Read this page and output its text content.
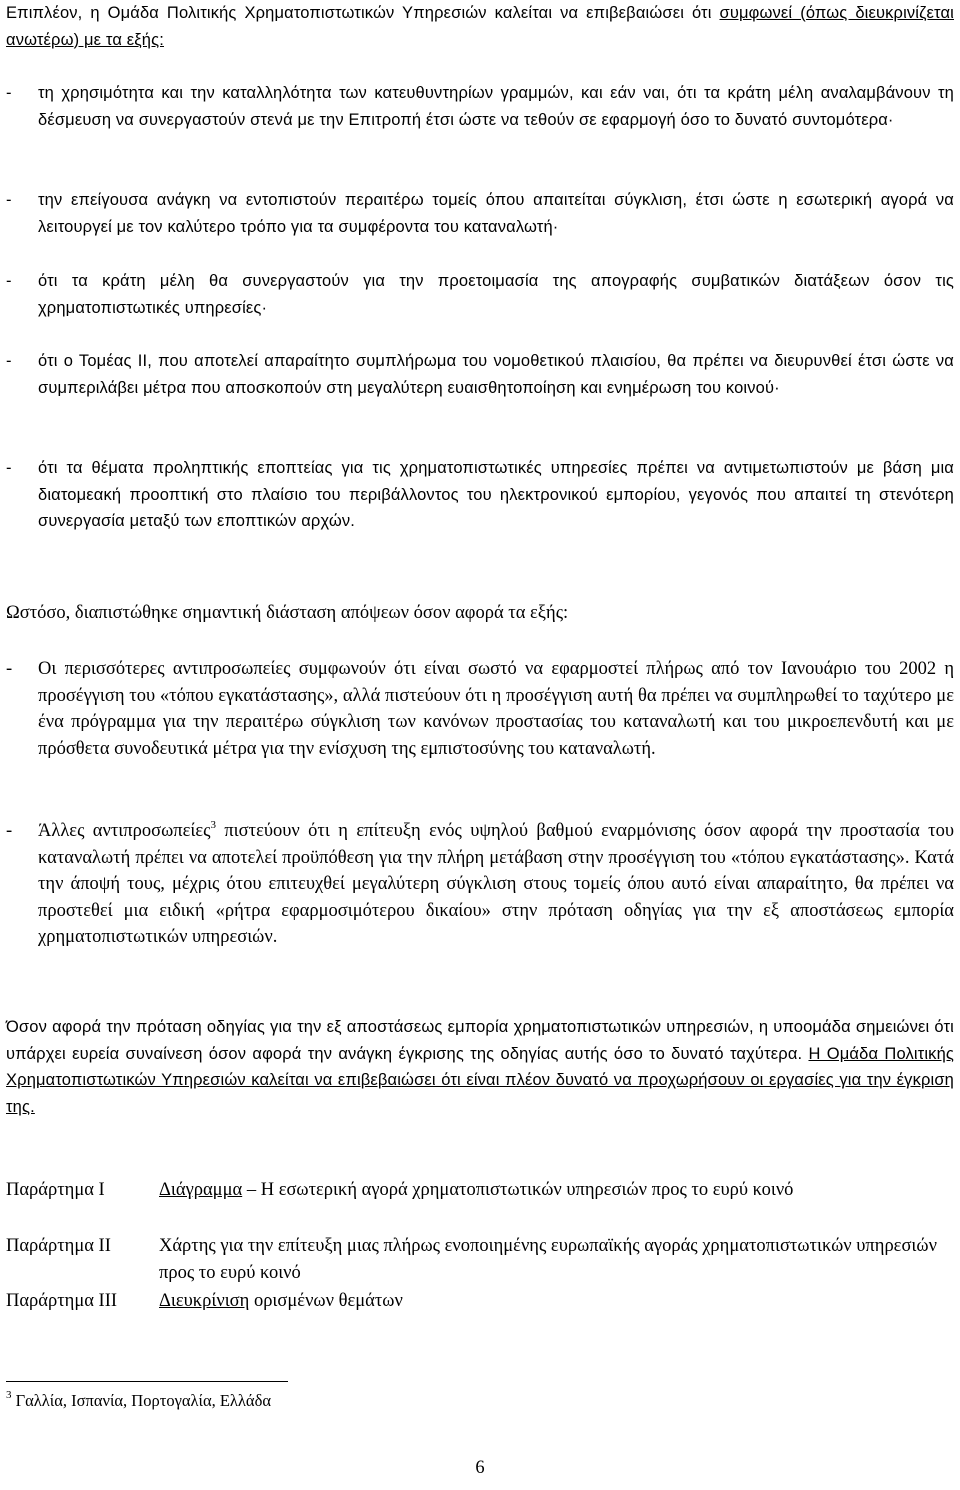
Επιπλέον, η Ομάδα Πολιτικής Χρηματοπιστωτικών Υπηρεσιών καλείται να επιβεβαιώσει ότι συμφωνεί (όπως διευκρινίζεται ανωτέρω) με τα εξής:

-	τη χρησιμότητα και την καταλληλότητα των κατευθυντηρίων γραμμών, και εάν ναι, ότι τα κράτη μέλη αναλαμβάνουν τη δέσμευση να συνεργαστούν στενά με την Επιτροπή έτσι ώστε να τεθούν σε εφαρμογή όσο το δυνατό συντομότερα·

-	την επείγουσα ανάγκη να εντοπιστούν περαιτέρω τομείς όπου απαιτείται σύγκλιση, έτσι ώστε η εσωτερική αγορά να λειτουργεί με τον καλύτερο τρόπο για τα συμφέροντα του καταναλωτή·

-	ότι τα κράτη μέλη θα συνεργαστούν για την προετοιμασία της απογραφής συμβατικών διατάξεων όσον τις χρηματοπιστωτικές υπηρεσίες·

-	ότι ο Τομέας ΙΙ, που αποτελεί απαραίτητο συμπλήρωμα του νομοθετικού πλαισίου, θα πρέπει να διευρυνθεί έτσι ώστε να συμπεριλάβει μέτρα που αποσκοπούν στη μεγαλύτερη ευαισθητοποίηση και ενημέρωση του κοινού·

-	ότι τα θέματα προληπτικής εποπτείας για τις χρηματοπιστωτικές υπηρεσίες πρέπει να αντιμετωπιστούν με βάση μια διατομεακή προοπτική στο πλαίσιο του περιβάλλοντος του ηλεκτρονικού εμπορίου, γεγονός που απαιτεί τη στενότερη συνεργασία μεταξύ των εποπτικών αρχών.

Ωστόσο, διαπιστώθηκε σημαντική διάσταση απόψεων όσον αφορά τα εξής:

-	Οι περισσότερες αντιπροσωπείες συμφωνούν ότι είναι σωστό να εφαρμοστεί πλήρως από τον Ιανουάριο του 2002 η προσέγγιση του «τόπου εγκατάστασης», αλλά πιστεύουν ότι η προσέγγιση αυτή θα πρέπει να συμπληρωθεί το ταχύτερο με ένα πρόγραμμα για την περαιτέρω σύγκλιση των κανόνων προστασίας του καταναλωτή και του μικροεπενδυτή και με πρόσθετα συνοδευτικά μέτρα για την ενίσχυση της εμπιστοσύνης του καταναλωτή.

-	Άλλες αντιπροσωπείες$^3$ πιστεύουν ότι η επίτευξη ενός υψηλού βαθμού εναρμόνισης όσον αφορά την προστασία του καταναλωτή πρέπει να αποτελεί προϋπόθεση για την πλήρη μετάβαση στην προσέγγιση του «τόπου εγκατάστασης». Κατά την άποψή τους, μέχρις ότου επιτευχθεί μεγαλύτερη σύγκλιση στους τομείς όπου αυτό είναι απαραίτητο, θα πρέπει να προστεθεί μια ειδική «ρήτρα εφαρμοσιμότερου δικαίου» στην πρόταση οδηγίας για την εξ αποστάσεως εμπορία χρηματοπιστωτικών υπηρεσιών.

Όσον αφορά την πρόταση οδηγίας για την εξ αποστάσεως εμπορία χρηματοπιστωτικών υπηρεσιών, η υποομάδα σημειώνει ότι υπάρχει ευρεία συναίνεση όσον αφορά την ανάγκη έγκρισης της οδηγίας αυτής όσο το δυνατό ταχύτερα. Η Ομάδα Πολιτικής Χρηματοπιστωτικών Υπηρεσιών καλείται να επιβεβαιώσει ότι είναι πλέον δυνατό να προχωρήσουν οι εργασίες για την έγκριση της.

Παράρτημα Ι	Διάγραμμα – Η εσωτερική αγορά χρηματοπιστωτικών υπηρεσιών προς το ευρύ κοινό

Παράρτημα ΙΙ	Χάρτης για την επίτευξη μιας πλήρως ενοποιημένης ευρωπαϊκής αγοράς χρηματοπιστωτικών υπηρεσιών προς το ευρύ κοινό

Παράρτημα ΙΙΙ Διευκρίνιση ορισμένων θεμάτων

$^3$ Γαλλία, Ισπανία, Πορτογαλία, Ελλάδα
6
